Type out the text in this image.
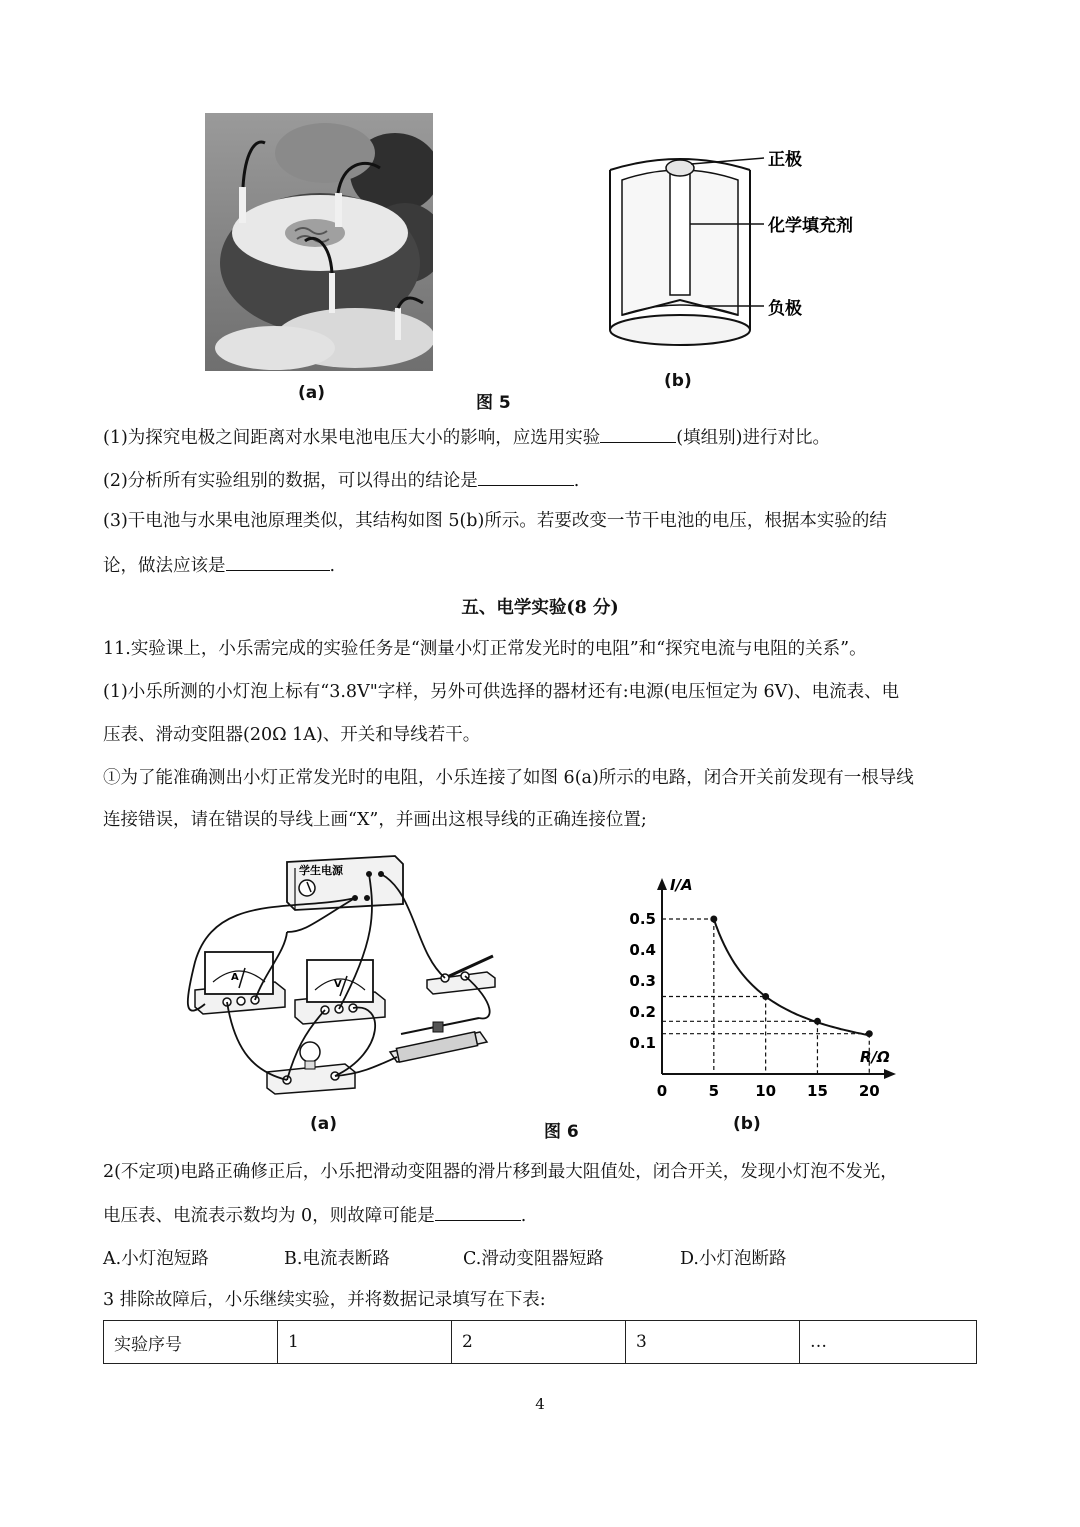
(a)	图 5
(b)
正极
化学填充剂
负极
(1)为探究电极之间距离对水果电池电压大小的影响，应选用实验	(填组别)进行对比。
(2)分析所有实验组别的数据，可以得出的结论是	.
(3)干电池与水果电池原理类似，其结构如图 5(b)所示。若要改变一节干电池的电压，根据本实验的结
论，做法应该是	.
五、电学实验(8 分)
11.实验课上，小乐需完成的实验任务是“测量小灯正常发光时的电阻”和“探究电流与电阻的关系”。
(1)小乐所测的小灯泡上标有“3.8V"字样，另外可供选择的器材还有:电源(电压恒定为 6V)、电流表、电
压表、滑动变阻器(20Ω 1A)、开关和导线若干。
①为了能准确测出小灯正常发光时的电阻，小乐连接了如图 6(a)所示的电路，闭合开关前发现有一根导线
连接错误，请在错误的导线上画“X”，并画出这根导线的正确连接位置;
学生电源
A
V
(a)	图 6	(b)
I/A
R/Ω
0	5 10 15 20
0.1
0.2
0.3
0.4
0.5
2(不定项)电路正确修正后，小乐把滑动变阻器的滑片移到最大阻值处，闭合开关，发现小灯泡不发光，
电压表、电流表示数均为 0，则故障可能是	.
A.小灯泡短路	B.电流表断路	C.滑动变阻器短路	D.小灯泡断路
3 排除故障后，小乐继续实验，并将数据记录填写在下表:
实验序号	1	2	3	…
4
